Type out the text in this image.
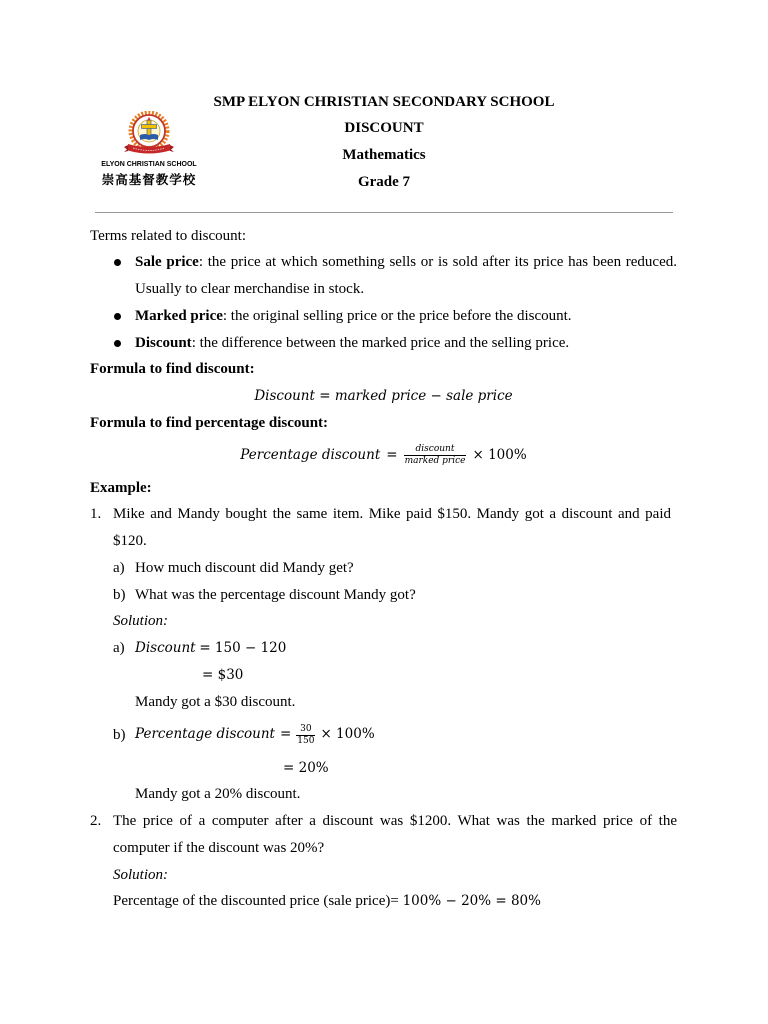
ELYON CHRISTIAN SCHOOL
崇高基督教学校
SMP ELYON CHRISTIAN SECONDARY SCHOOL
DISCOUNT
Mathematics
Grade 7

Terms related to discount:

Sale price: the price at which something sells or is sold after its price has been reduced. Usually to clear merchandise in stock.

Marked price: the original selling price or the price before the discount.

Discount: the difference between the marked price and the selling price.

Formula to find discount:

Discount = marked price − sale price

Formula to find percentage discount:

Percentage discount = $\frac{\text{discount}}{\text{marked price}} \times 100\%$

Example:

1. Mike and Mandy bought the same item. Mike paid $150. Mandy got a discount and paid $120.

a) How much discount did Mandy get?

b) What was the percentage discount Mandy got?

Solution:

a) Discount = 150 − 120

= $30

Mandy got a $30 discount.

b) Percentage discount = $\frac{30}{150} \times 100\%$

= 20%

Mandy got a 20% discount.

2. The price of a computer after a discount was $1200. What was the marked price of the computer if the discount was 20%?

Solution:

Percentage of the discounted price (sale price)= 100% − 20% = 80%
